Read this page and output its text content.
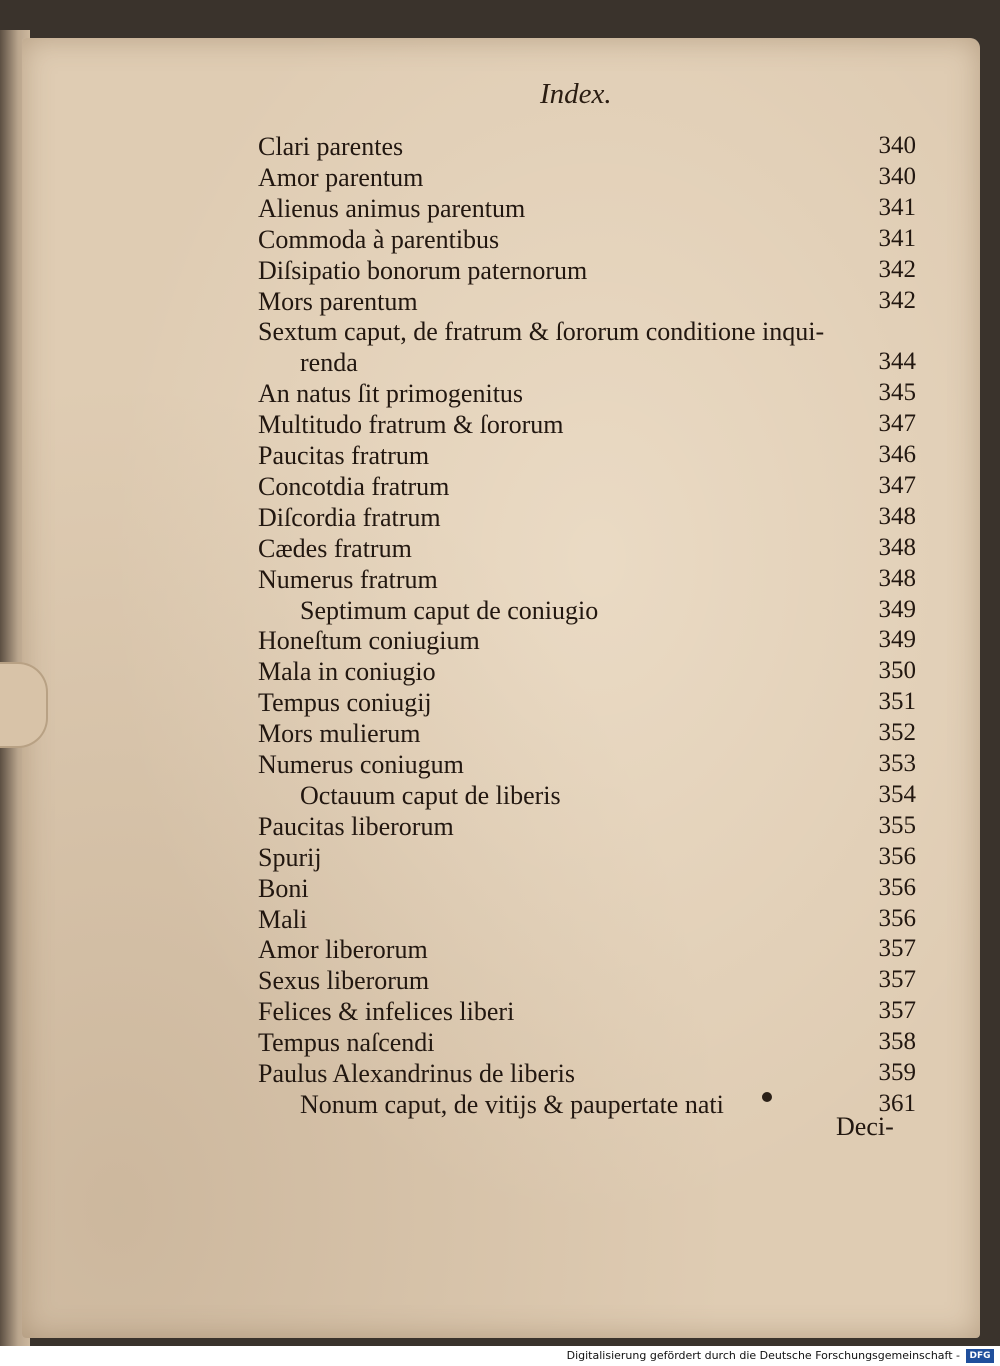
Index.
Clari parentes	340
Amor parentum	340
Alienus animus parentum	341
Commoda à parentibus	341
Diſsipatio bonorum paternorum	342
Mors parentum	342
Sextum caput, de fratrum & ſororum conditione inqui-
renda	344
An natus ſit primogenitus	345
Multitudo fratrum & ſororum	347
Paucitas fratrum	346
Concotdia fratrum	347
Diſcordia fratrum	348
Cædes fratrum	348
Numerus fratrum	348
Septimum caput de coniugio	349
Honeſtum coniugium	349
Mala in coniugio	350
Tempus coniugij	351
Mors mulierum	352
Numerus coniugum	353
Octauum caput de liberis	354
Paucitas liberorum	355
Spurij	356
Boni	356
Mali	356
Amor liberorum	357
Sexus liberorum	357
Felices & infelices liberi	357
Tempus naſcendi	358
Paulus Alexandrinus de liberis	359
Nonum caput, de vitijs & paupertate nati	361
Deci-
Digitalisierung gefördert durch die Deutsche Forschungsgemeinschaft -	DFG
